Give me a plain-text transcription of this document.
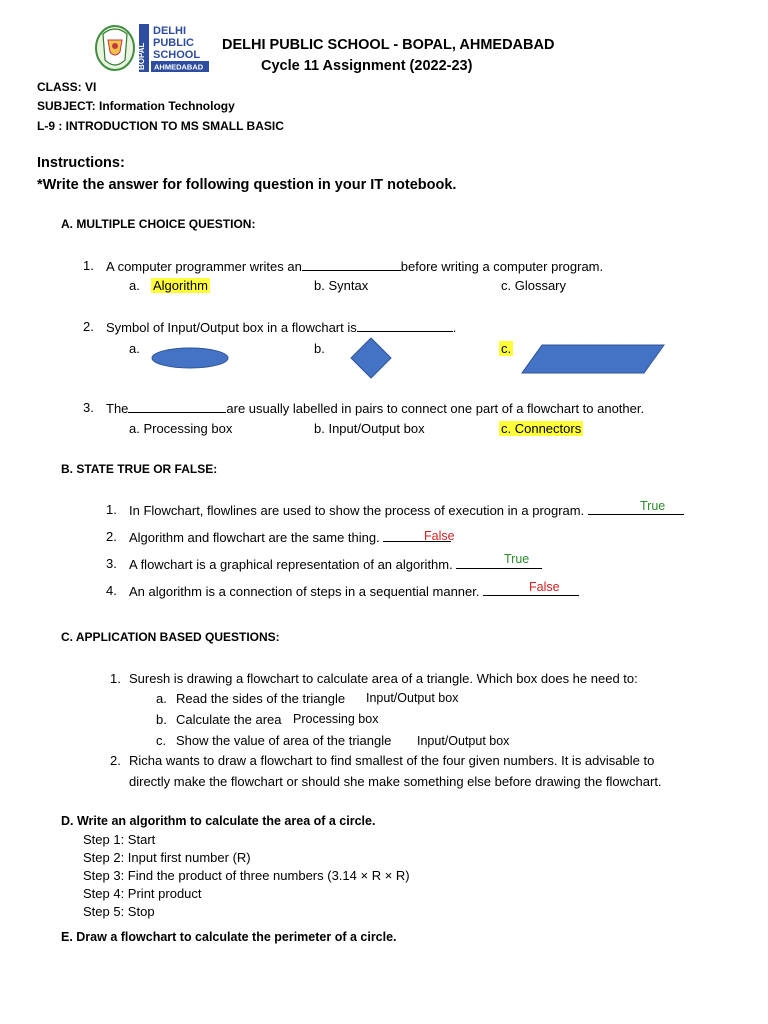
BOPAL
DELHI
PUBLIC
SCHOOL
AHMEDABAD
DELHI PUBLIC SCHOOL - BOPAL, AHMEDABAD
Cycle 11 Assignment (2022-23)
CLASS: VI
SUBJECT: Information Technology
L-9 : INTRODUCTION TO MS SMALL BASIC
Instructions:
*Write the answer for following question in your IT notebook.
A. MULTIPLE CHOICE QUESTION:
1. A computer programmer writes an	before writing a computer program.
a. Algorithm	b. Syntax	c. Glossary
2. Symbol of Input/Output box in a flowchart is	.
a.	b.	c.
3. The	are usually labelled in pairs to connect one part of a flowchart to another.
a. Processing box	b. Input/Output box	c. Connectors
B. STATE TRUE OR FALSE:
1. In Flowchart, flowlines are used to show the process of execution in a program.	True
2. Algorithm and flowchart are the same thing.	False
3. A flowchart is a graphical representation of an algorithm.	True
4. An algorithm is a connection of steps in a sequential manner.	False
C. APPLICATION BASED QUESTIONS:
1. Suresh is drawing a flowchart to calculate area of a triangle. Which box does he need to:
a. Read the sides of the triangle Input/Output box
b. Calculate the area Processing box
c. Show the value of area of the triangle Input/Output box
2. Richa wants to draw a flowchart to find smallest of the four given numbers. It is advisable to
directly make the flowchart or should she make something else before drawing the flowchart.
D. Write an algorithm to calculate the area of a circle.
Step 1: Start
Step 2: Input first number (R)
Step 3: Find the product of three numbers (3.14 × R × R)
Step 4: Print product
Step 5: Stop
E. Draw a flowchart to calculate the perimeter of a circle.
